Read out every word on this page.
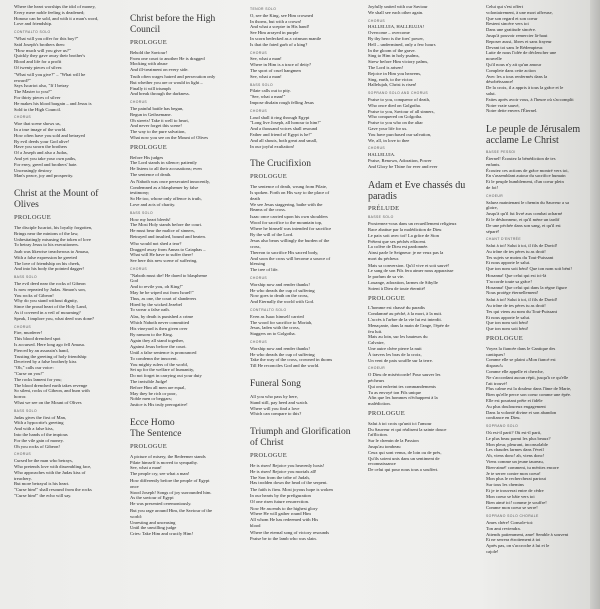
Where the heart worships the idol of money,
Every mere noble feeling is deadened;
Honour can be sold, and with it a man's word,
Love and friendship.
CONTRALTO SOLO
"What will you offer for this boy?"
Said Joseph's brothers then:
"How much will you give us?"
Quickly they gave away their brother's
Blood and life for a profit
Of twenty pieces of silver.
"What will you give?" – "What will he
reward?"
Says Iscariot also, "If I betray
The Master to you?"
For thirty pieces of silver
He makes his blood bargain – and Jesus is
Sold to the High Council.
CHORUS
Woe that scene shows us,
In a true image of the world.
How often have you sold and betrayed
By evil deeds your God alive!
Have you sworn the brothers
Of a Joseph and also a Judas,
And yet you take your own paths,
For envy, greed and brothers' hate.
Unceasingly destroy
Man's peace, joy and prosperity.
Christ at the Mount of Olives
PROLOGUE
The disciple Iscariot, his loyalty forgotten,
Brings near the minions of the law,
Unhesitatingly misusing the token of love
To betray Jesus to his executioners.
Joab was likewise treacherous to Amasa,
With a false expression he greeted
The love of friendship on his cheek,
And into his body the pointed dagger!
BASS SOLO
The evil deed near the rocks of Gibeon
Is now repeated by Judas. Simon's son,
You rocks of Gibeon!
Why do you stand without dignity,
Since the proud heart of the Holy Land,
As if covered in a veil of mourning?
Speak, I implore you, what deed was done?
CHORUS
Fire, murderer!
This blood drenched spot
Is accursed. Here long ago fell Amasa.
Pierced by an assassin's hand,
Trusting the greeting of holy friendship
Deceived by a false brotherly kiss
"Oh," calls our voice:
"Curse on you!"
The rocks lament for you;
The blood drenched earth takes revenge
So silent, rocks of Gibeon, and burn with
horror.
What we see on the Mount of Olives
BASS SOLO
Judas gives the first of Man,
With a hypocrite's greeting
And with a false kiss,
Into the hands of the impious
For the vile gain of money.
Oh you rocks of Gibeon!
CHORUS
Cursed be the man who betrays,
Who pretends love with dissembling face,
Who approaches with the Judas kiss of
treachery.
But more betrayal is his heart.
"Curse him!" shall resound from the rocks
"Curse him!" the echo will say.
Christ before the High Council
PROLOGUE
Behold the Saviour!
From one court to another He is dragged
Mocking with abuse
And ill-treatment on every side.
Truth often wages hatred and persecution only
But whether you are or would in light –
Finally it will triumph
And break through the darkness.
CHORUS
The painful battle has begun,
Begun in Gethsemane.
Oh streets! Take it well to heart,
And never forget this scene!
The way to the pure salvation,
What now you see on the Mount of Olives
PROLOGUE
Before His judges
The Lord stands in silence; patiently
He listens to all their accusations; even
The sentence of death.
As Naboth was once persecuted innocently,
Condemned as a blasphemer by false
testimony;
So He too, whose only offence is truth,
Love and acts of charity.
BASS SOLO
How my heart bleeds!
The Most Holy stands before the court.
He must bear the malice of sinners,
Betrayed and insulted, bound and beaten.
Who would not shed a tear?
Dragged away from Annas to Caiaphas –
What will He have to suffer there!
See here this new scene of suffering.
CHORUS
"Naboth must die! He dared to blaspheme
God
And to revile you, oh King!"
May he be wiped out from Israel!"
Thus, as one, the court of slanderers
Hired by the wicked Jezebel
To swear a false oath.
Alas, by death is punished a crime
Which Naboth never committed
His vineyard is then given over
By ransom to the King.
Again they all stand together,
Against Jesus before the court.
Until a false sentence is pronounced
To condemn the innocent.
You mighty rulers of the world,
Set up for the welfare of humanity,
Do not forget in carrying out your duty
The invisible Judge!
Before Him all men are equal,
May they be rich or poor,
Noble men or beggars;
Justice is His truly prerogative!
Ecce Homo
The Sentence
PROLOGUE
A picture of misery, the Redeemer stands
Pilate himself is moved to sympathy.
See, what a man!
The people cry, see what a man!
How differently before the people of Egypt
once
Stood Joseph! Songs of joy surrounded him.
As the saviour of Egypt
He was presented ceremoniously.
But you rage around Him, the Saviour of the
world:
Unresting and unceasing
Until the unwilling judge
Cries: Take Him and crucify Him!
TENOR SOLO
O, see the King, see Him crowned
In thorns, but with a crown!
And what a sceptre in His hand!
See Him arrayed in purple
In scorn bedecked as a crimson mantle
Is that the fated garb of a king?
CHORUS
See, what a man!
Where in Him is a trace of deity?
The sport of cruel hangmen
See, what a man!
BASS SOLO
Pilate calls out to pity.
"See, what a man!"
Impose disdain rough felling Jesus
CHORUS
Loud shall it ring through Egypt
"Long live Joseph, all honour to him!"
And a thousand voices shall resound
Father and friend of Egypt is he!"
And all shouts, both great and small,
In our joyful exultation!
The Crucifixion
PROLOGUE
The sentence of death, wrung from Pilate,
Is spoken. Forth on His way to the place of
death
We see Jesus staggering, bathe with the
Beams of the cross.
Isaac once carried upon his own shoulders
Wood for sacrifice to the mountain top,
Where he himself was intended for sacrifice
By the will of the Lord.
Jesus also bears willingly the burden of the
cross,
Thereon to sacrifice His sacred body,
And soon the cross will become a source of
blessing
The tree of life.
CHORUS
Worship now and render thanks!
He who dreads the cup of suffering
Now goes to death on the cross,
And Eternally the world with God.
CONTRALTO SOLO
Even as Isaac himself carried
The wood for sacrifice to Moriah,
Jesus, laden with the cross,
Staggers on to Golgotha.
CHORUS
Worship now and render thanks!
He who dreads the cup of suffering
Take the way of the cross, crowned in thorns
Till He reconciles God and the world.
Funeral Song
All you who pass by here,
Stand still, pay heed and watch.
Where will you find a love
Which can compare to this?
Triumph and Glorification
of Christ
PROLOGUE
He is risen! Rejoice you heavenly hosts!
He is risen! Rejoice you mortals all!
The Son from the tribe of Judah,
Has trodden down the head of the serpent.
The faith is firm. Most joyous hope is woken
In our hearts by the prefiguration
Of one risen future resurrection.
Now He ascends to the highest glory
Where He will gather round Him
All whom He has redeemed with His
blood
Where the eternal song of victory resounds
Praise be to the lamb who was slain.
Joyfully united with our Saviour
We shall see each other again.
CHORUS
HALLELUIA, HALLELUJA!
Overcome – overcome
By thy hero is the foes' power,
Hell – undermined, only a few hours
In the gloom of the grave.
Sing to Him in holy psalms,
Strew before Him victory palms,
The Lord is arisen!
Rejoice in Him you heavens,
Sing, earth, to the victor.
Hallelujah, Christ is risen!
SOPRANO SOLO AND CHORUS
Praise to you, conqueror of death,
Who once died on Golgotha.
Praise to you, Saviour of all sinners,
Who conquered on Golgotha.
Praise to you who on the altar
Gave your life for us.
You have purchased our salvation,
We, all, in love to thee
CHORUS
HALLELUIA.
Praise, Renown, Adoration, Power
And Glory be Thine for ever and ever
Adam et Eve chassés du
paradis
PRÉLUDE
BASSE SOLO
Prosternez-vous dans un recueillement religieux
Race abattue par la malédiction de Dieu
Le paix soit avec toi! La grâce de Sion
Prêtent que ses péchés effacent.
La colère de Dieu est pardonnée.
Ainsi parle le Seigneur: je ne veux pas la
mort du pécheur.
Mais sa conversion. Qu'il vive et soit sauvé!
Le sang de son Fils fera aimer nous apparaisse
le parfum de sa vie.
Louange, adoration, larmes de Sibylle
Soient à Dieu de toute éternité!
PROLOGUE
L'homme est chassé du paradis
Condamné au péché, à la mort, à la nuit.
L'accès à l'arbre de la vie lui est interdit.
Menaçante, dans la main de l'ange, l'épée de
feu luit.
Mais au loin, sur les hauteurs du
Calvaire,
Une autre chère pierre la nuit
À travers les bras de la croix,
Un vent de paix souffle sur la terre.
CHOEUR
O Dieu de miséricorde! Pour sauver les
pécheurs
Qui ont enfreint tes commandements
Tu as envoyé ton Fils unique
Afin que les hommes n'échappent à la
malédiction.
PROLOGUE
Salut à toi croix qu'unit ici l'amour
Du Sauveur et qui réalisent la sainte douce
l'affliction.
Sur le chemin de la Passion
Jusqu'au tombeau
Ceux qui sont venus, de loin ou de près,
Qu'ils soient unis dans un sentiment de
reconnaissance
De celui qui pour nous tous a souffert.
Celui qui s'est offert
volontairement, à une mort affreuse,
Que son regard et son coeur
Restent sincère vers toi
Dans une gratitude sincère.
Jusqu'à pouvoir remercier là-haut
Reposer aussi, libres et sans frayeur
Devant toi sans le Rédempteur.
Lutte de nous l'idée de déclencher une
nouvelle
Qu'il nous n'y ait qu'un amour
Complete dans cette action
Avec les a tous renfermés dans la
désobéissance!
De la croix, il a appris à tous la grâce et le
salut.
Faites après avoir vous, à l'heure où s'accomplit
Notre vraie sauvé,
Notre dette envers l'Éternel.
Le peuple de Jérusalem
acclame Le Christ
BASSE PESSOI
Éternel! Écoutez la bénédiction de tes
enfants.
Écoutez ces actions de grâce montré vers toi,
En s'assemblant autour du sacrifice humain
Et le peuple humblement, d'un coeur plein
de foi!
CHOEUR
Saluez maintenant le chemin du Sauveur a sa
gloire,
Jusqu'à qu'il fut livré aux combat acharné
Et le déshonneur, et qu'il mène un tardif
De une péchée dans son sang, et qu'il est
séparé!
CHANT D'ENTRÉE
Salut à toi! Salut à toi, il fils de David!
Au trône de tes pères tu as droit!
Tes sujets se moins du Tout-Puissant
Et nous apporte le salut.
Que ton nom soit béni! Que ton nom soit béni!
Hosanna! Que celui qui est ici-là
T'accorde toute sa grâce!
Hosanna! Que celui qui dans la règne figure
Nous protège éternellement!
Salut à toi! Salut à toi, il fils de David!
Au trône de tes pères tu as droit!
Tes qui viens au nom du Tout-Puissant
Et nous apporte le salut.
Que ton nom soit béni!
Que ton nom soit béni!
PROLOGUE
Voyez la fiancée dans le Cantique des
cantiques!
Comme elle se plaint «Mon fiancé est
disparu!»
Comme elle appelle et cherche,
Ne s'accordant aucun répit, jusqu'à ce qu'elle
l'ait trouvé!
Plus calme est la douleur dans l'âme de Marie,
Bien qu'elle perce son coeur comme une épée.
Elle est pourtant prête et fidèle
Au plus douloureux engagement
Dans la volonté divine et son abandon
confiance en Dieu.
SOPRANO SOLO
Où est-il parti? Où est-il parti,
Le plus beau parmi les plus beaux?
Mon pleur, pleurant, inconsolable
Les chaudes larmes dans l'éveil
Ah, viens donc! ah, viens donc!
Viens comme un jeune taureau,
Bien-aimé! comment, tu mérites encore
Je te serrer contre mon coeur!
Mon plus le rechercherai partout
Sur tous les chemins
Et je te trouverai entre de cèdre
Mon coeur se bâte vers toi
Bien aimé ici! comme je souffre!
Comme mon coeur se serre!
SOPRANO SOLO CHORALE
Ames chère! Console-toi:
Ton ami reviendra.
Attends patiemment, ame! Semble à souvent
Et ne serrera étroitement à toi
Après pas, on s'accroche à lui et le
cajole!
